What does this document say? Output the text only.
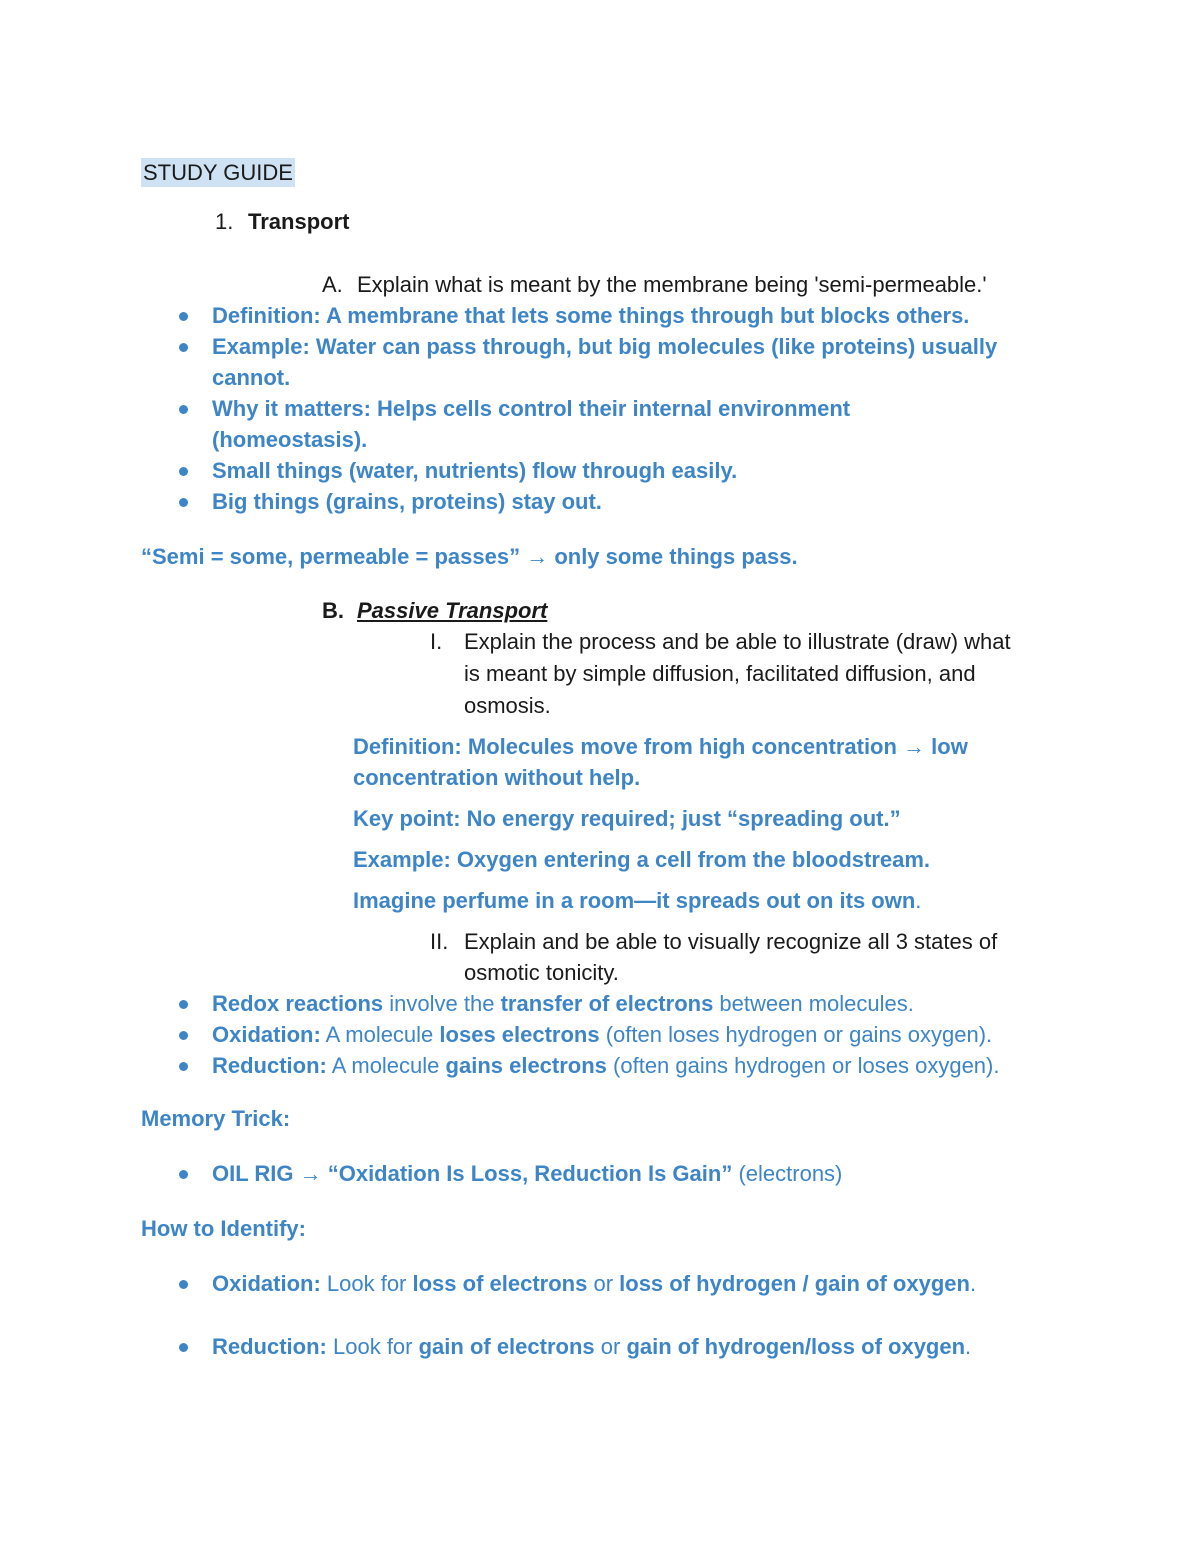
STUDY GUIDE
1. Transport
A. Explain what is meant by the membrane being 'semi-permeable.'
Definition: A membrane that lets some things through but blocks others.
Example: Water can pass through, but big molecules (like proteins) usually
cannot.
Why it matters: Helps cells control their internal environment
(homeostasis).
Small things (water, nutrients) flow through easily.
Big things (grains, proteins) stay out.
“Semi = some, permeable = passes” → only some things pass.
B. Passive Transport
I. Explain the process and be able to illustrate (draw) what
is meant by simple diffusion, facilitated diffusion, and
osmosis.
Definition: Molecules move from high concentration → low
concentration without help.
Key point: No energy required; just “spreading out.”
Example: Oxygen entering a cell from the bloodstream.
Imagine perfume in a room—it spreads out on its own.
II. Explain and be able to visually recognize all 3 states of
osmotic tonicity.
Redox reactions involve the transfer of electrons between molecules.
Oxidation: A molecule loses electrons (often loses hydrogen or gains oxygen).
Reduction: A molecule gains electrons (often gains hydrogen or loses oxygen).
Memory Trick:
OIL RIG → “Oxidation Is Loss, Reduction Is Gain” (electrons)
How to Identify:
Oxidation: Look for loss of electrons or loss of hydrogen / gain of oxygen.
Reduction: Look for gain of electrons or gain of hydrogen/loss of oxygen.
